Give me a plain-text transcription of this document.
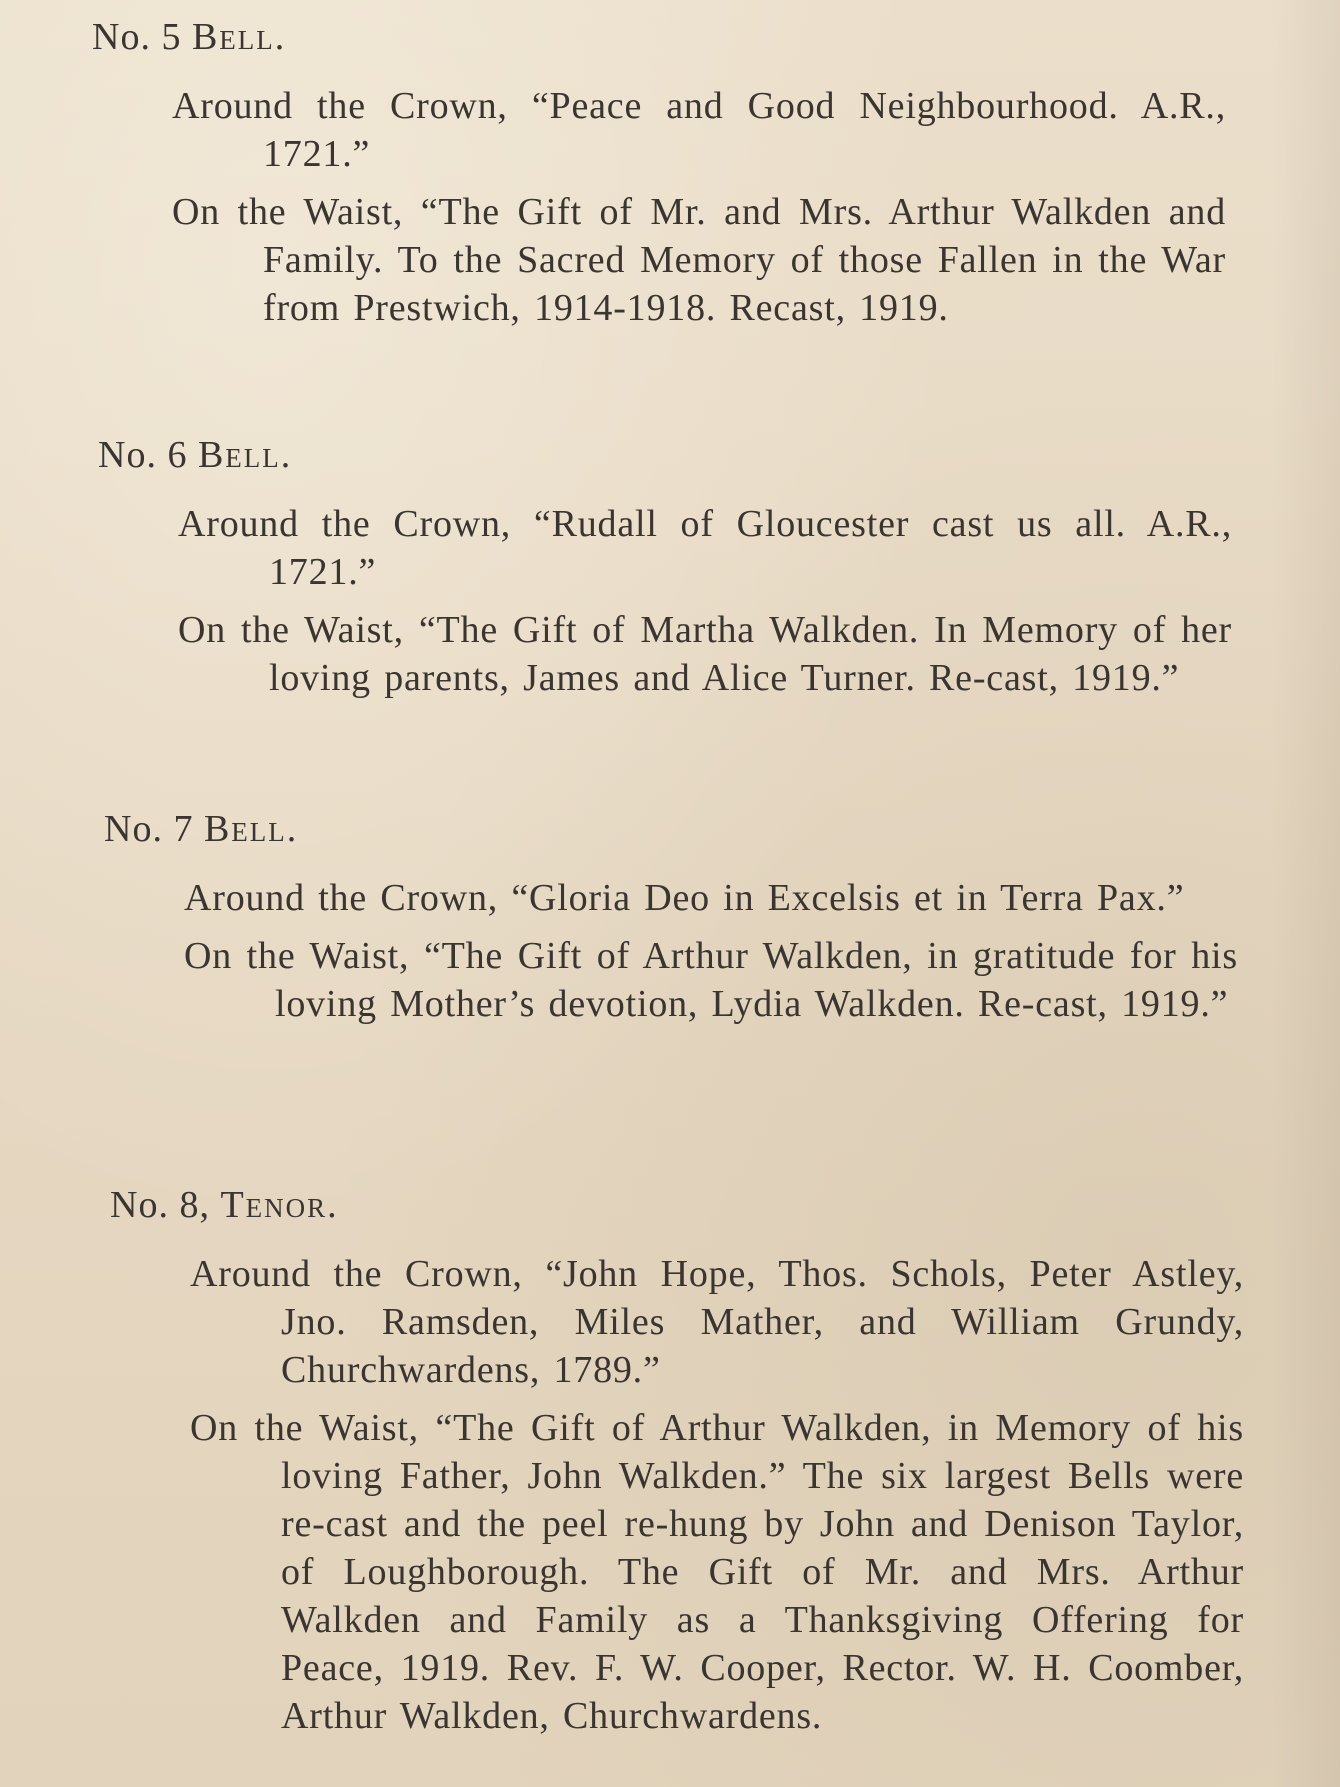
No. 5 Bell.

Around the Crown, “Peace and Good Neighbourhood. A.R., 1721.”

On the Waist, “The Gift of Mr. and Mrs. Arthur Walkden and Family. To the Sacred Memory of those Fallen in the War from Prestwich, 1914-1918. Recast, 1919.

No. 6 Bell.

Around the Crown, “Rudall of Gloucester cast us all. A.R., 1721.”

On the Waist, “The Gift of Martha Walkden. In Memory of her loving parents, James and Alice Turner. Re-cast, 1919.”

No. 7 Bell.

Around the Crown, “Gloria Deo in Excelsis et in Terra Pax.”

On the Waist, “The Gift of Arthur Walkden, in gratitude for his loving Mother’s devotion, Lydia Walkden. Re-cast, 1919.”

No. 8, Tenor.

Around the Crown, “John Hope, Thos. Schols, Peter Astley, Jno. Ramsden, Miles Mather, and William Grundy, Churchwardens, 1789.”

On the Waist, “The Gift of Arthur Walkden, in Memory of his loving Father, John Walkden.” The six largest Bells were re-cast and the peel re-hung by John and Denison Taylor, of Loughborough. The Gift of Mr. and Mrs. Arthur Walkden and Family as a Thanksgiving Offering for Peace, 1919. Rev. F. W. Cooper, Rector. W. H. Coomber, Arthur Walkden, Churchwardens.
